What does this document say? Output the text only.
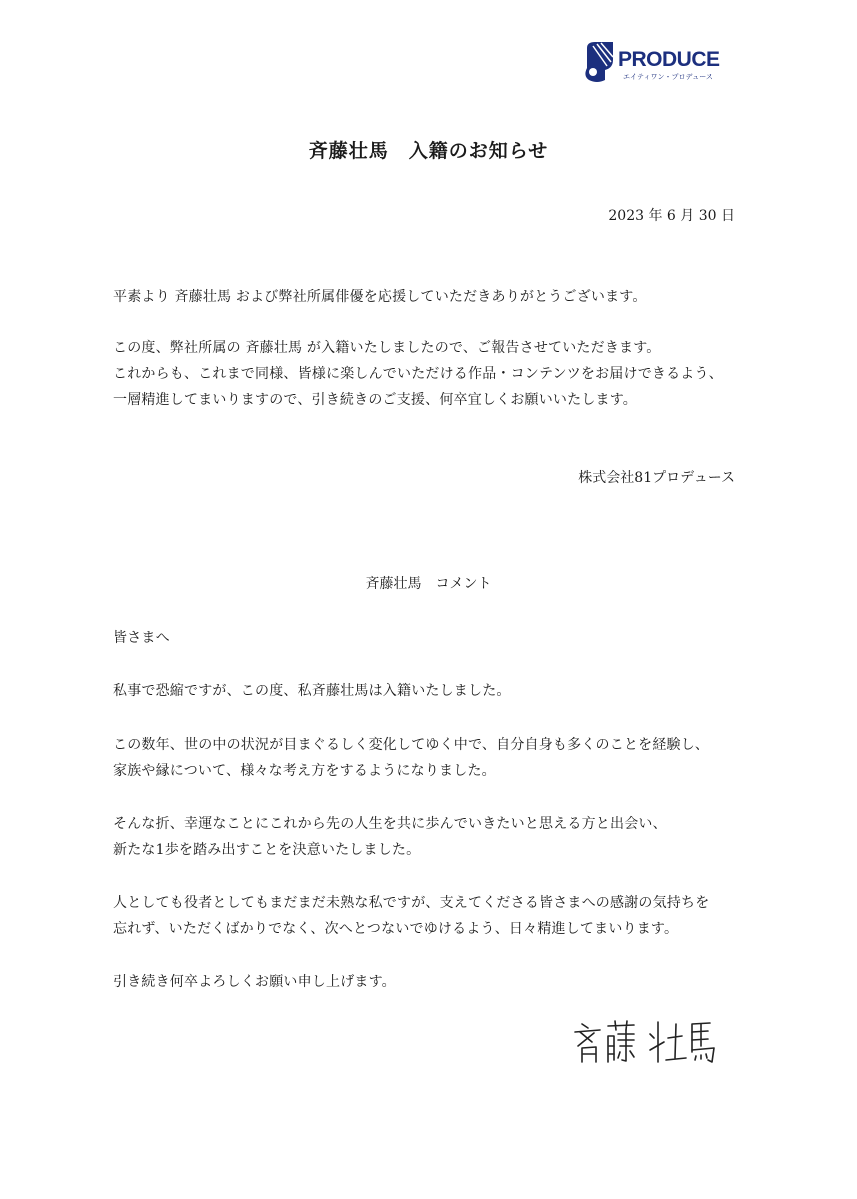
PRODUCE
エイティワン・プロデュース
斉藤壮馬　入籍のお知らせ
2023 年 6 月 30 日
平素より 斉藤壮馬 および弊社所属俳優を応援していただきありがとうございます。
この度、弊社所属の 斉藤壮馬 が入籍いたしましたので、ご報告させていただきます。
これからも、これまで同様、皆様に楽しんでいただける作品・コンテンツをお届けできるよう、
一層精進してまいりますので、引き続きのご支援、何卒宜しくお願いいたします。
株式会社81プロデュース
斉藤壮馬　コメント
皆さまへ
私事で恐縮ですが、この度、私斉藤壮馬は入籍いたしました。
この数年、世の中の状況が目まぐるしく変化してゆく中で、自分自身も多くのことを経験し、
家族や縁について、様々な考え方をするようになりました。
そんな折、幸運なことにこれから先の人生を共に歩んでいきたいと思える方と出会い、
新たな1歩を踏み出すことを決意いたしました。
人としても役者としてもまだまだ未熟な私ですが、支えてくださる皆さまへの感謝の気持ちを
忘れず、いただくばかりでなく、次へとつないでゆけるよう、日々精進してまいります。
引き続き何卒よろしくお願い申し上げます。
